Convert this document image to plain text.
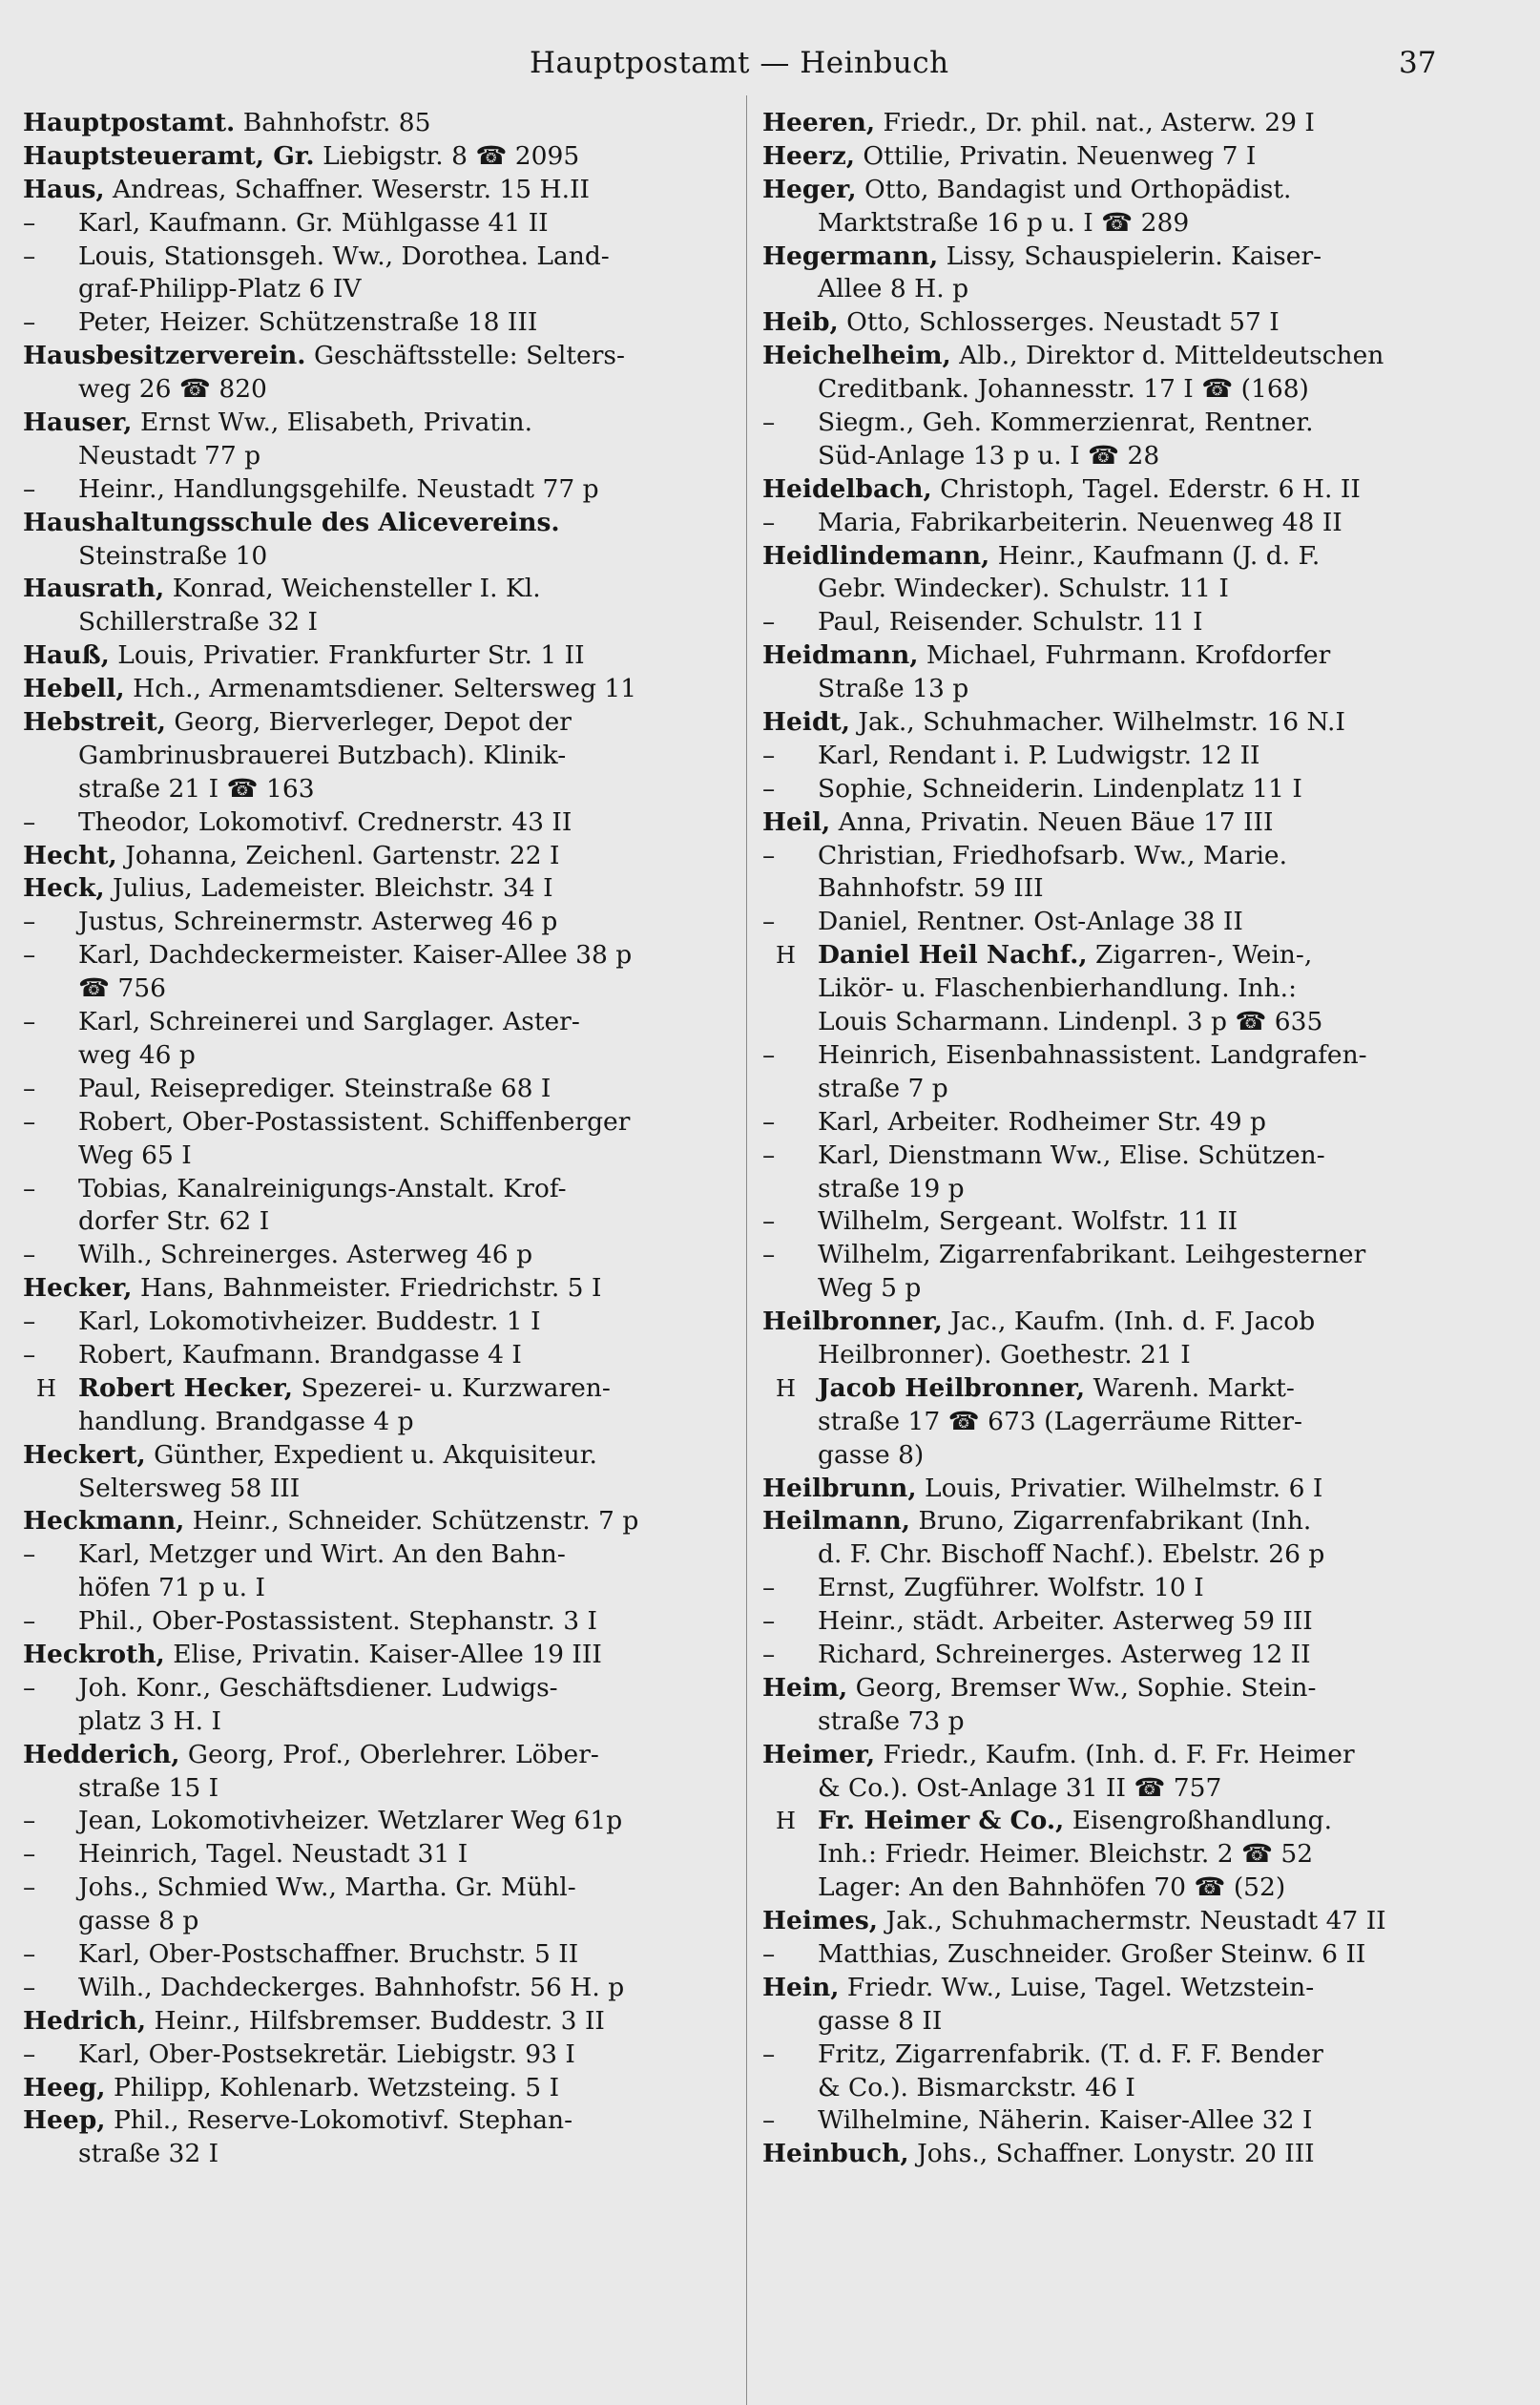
Hauptpostamt — Heinbuch	37
Hauptpostamt. Bahnhofstr. 85
Hauptsteueramt, Gr. Liebigstr. 8 ☎ 2095
Haus, Andreas, Schaffner. Weserstr. 15 H.II
– Karl, Kaufmann. Gr. Mühlgasse 41 II
– Louis, Stationsgeh. Ww., Dorothea. Land-
graf-Philipp-Platz 6 IV
– Peter, Heizer. Schützenstraße 18 III
Hausbesitzerverein. Geschäftsstelle: Selters-
weg 26 ☎ 820
Hauser, Ernst Ww., Elisabeth, Privatin.
Neustadt 77 p
– Heinr., Handlungsgehilfe. Neustadt 77 p
Haushaltungsschule des Alicevereins.
Steinstraße 10
Hausrath, Konrad, Weichensteller I. Kl.
Schillerstraße 32 I
Hauß, Louis, Privatier. Frankfurter Str. 1 II
Hebell, Hch., Armenamtsdiener. Seltersweg 11
Hebstreit, Georg, Bierverleger, Depot der
Gambrinusbrauerei Butzbach). Klinik-
straße 21 I ☎ 163
– Theodor, Lokomotivf. Crednerstr. 43 II
Hecht, Johanna, Zeichenl. Gartenstr. 22 I
Heck, Julius, Lademeister. Bleichstr. 34 I
– Justus, Schreinermstr. Asterweg 46 p
– Karl, Dachdeckermeister. Kaiser-Allee 38 p
☎ 756
– Karl, Schreinerei und Sarglager. Aster-
weg 46 p
– Paul, Reiseprediger. Steinstraße 68 I
– Robert, Ober-Postassistent. Schiffenberger
Weg 65 I
– Tobias, Kanalreinigungs-Anstalt. Krof-
dorfer Str. 62 I
– Wilh., Schreinerges. Asterweg 46 p
Hecker, Hans, Bahnmeister. Friedrichstr. 5 I
– Karl, Lokomotivheizer. Buddestr. 1 I
– Robert, Kaufmann. Brandgasse 4 I
H Robert Hecker, Spezerei- u. Kurzwaren-
handlung. Brandgasse 4 p
Heckert, Günther, Expedient u. Akquisiteur.
Seltersweg 58 III
Heckmann, Heinr., Schneider. Schützenstr. 7 p
– Karl, Metzger und Wirt. An den Bahn-
höfen 71 p u. I
– Phil., Ober-Postassistent. Stephanstr. 3 I
Heckroth, Elise, Privatin. Kaiser-Allee 19 III
– Joh. Konr., Geschäftsdiener. Ludwigs-
platz 3 H. I
Hedderich, Georg, Prof., Oberlehrer. Löber-
straße 15 I
– Jean, Lokomotivheizer. Wetzlarer Weg 61p
– Heinrich, Tagel. Neustadt 31 I
– Johs., Schmied Ww., Martha. Gr. Mühl-
gasse 8 p
– Karl, Ober-Postschaffner. Bruchstr. 5 II
– Wilh., Dachdeckerges. Bahnhofstr. 56 H. p
Hedrich, Heinr., Hilfsbremser. Buddestr. 3 II
– Karl, Ober-Postsekretär. Liebigstr. 93 I
Heeg, Philipp, Kohlenarb. Wetzsteing. 5 I
Heep, Phil., Reserve-Lokomotivf. Stephan-
straße 32 I
Heeren, Friedr., Dr. phil. nat., Asterw. 29 I
Heerz, Ottilie, Privatin. Neuenweg 7 I
Heger, Otto, Bandagist und Orthopädist.
Marktstraße 16 p u. I ☎ 289
Hegermann, Lissy, Schauspielerin. Kaiser-
Allee 8 H. p
Heib, Otto, Schlosserges. Neustadt 57 I
Heichelheim, Alb., Direktor d. Mitteldeutschen
Creditbank. Johannesstr. 17 I ☎ (168)
– Siegm., Geh. Kommerzienrat, Rentner.
Süd-Anlage 13 p u. I ☎ 28
Heidelbach, Christoph, Tagel. Ederstr. 6 H. II
– Maria, Fabrikarbeiterin. Neuenweg 48 II
Heidlindemann, Heinr., Kaufmann (J. d. F.
Gebr. Windecker). Schulstr. 11 I
– Paul, Reisender. Schulstr. 11 I
Heidmann, Michael, Fuhrmann. Krofdorfer
Straße 13 p
Heidt, Jak., Schuhmacher. Wilhelmstr. 16 N.I
– Karl, Rendant i. P. Ludwigstr. 12 II
– Sophie, Schneiderin. Lindenplatz 11 I
Heil, Anna, Privatin. Neuen Bäue 17 III
– Christian, Friedhofsarb. Ww., Marie.
Bahnhofstr. 59 III
– Daniel, Rentner. Ost-Anlage 38 II
H Daniel Heil Nachf., Zigarren-, Wein-,
Likör- u. Flaschenbierhandlung. Inh.:
Louis Scharmann. Lindenpl. 3 p ☎ 635
– Heinrich, Eisenbahnassistent. Landgrafen-
straße 7 p
– Karl, Arbeiter. Rodheimer Str. 49 p
– Karl, Dienstmann Ww., Elise. Schützen-
straße 19 p
– Wilhelm, Sergeant. Wolfstr. 11 II
– Wilhelm, Zigarrenfabrikant. Leihgesterner
Weg 5 p
Heilbronner, Jac., Kaufm. (Inh. d. F. Jacob
Heilbronner). Goethestr. 21 I
H Jacob Heilbronner, Warenh. Markt-
straße 17 ☎ 673 (Lagerräume Ritter-
gasse 8)
Heilbrunn, Louis, Privatier. Wilhelmstr. 6 I
Heilmann, Bruno, Zigarrenfabrikant (Inh.
d. F. Chr. Bischoff Nachf.). Ebelstr. 26 p
– Ernst, Zugführer. Wolfstr. 10 I
– Heinr., städt. Arbeiter. Asterweg 59 III
– Richard, Schreinerges. Asterweg 12 II
Heim, Georg, Bremser Ww., Sophie. Stein-
straße 73 p
Heimer, Friedr., Kaufm. (Inh. d. F. Fr. Heimer
& Co.). Ost-Anlage 31 II ☎ 757
H Fr. Heimer & Co., Eisengroßhandlung.
Inh.: Friedr. Heimer. Bleichstr. 2 ☎ 52
Lager: An den Bahnhöfen 70 ☎ (52)
Heimes, Jak., Schuhmachermstr. Neustadt 47 II
– Matthias, Zuschneider. Großer Steinw. 6 II
Hein, Friedr. Ww., Luise, Tagel. Wetzstein-
gasse 8 II
– Fritz, Zigarrenfabrik. (T. d. F. F. Bender
& Co.). Bismarckstr. 46 I
– Wilhelmine, Näherin. Kaiser-Allee 32 I
Heinbuch, Johs., Schaffner. Lonystr. 20 III
